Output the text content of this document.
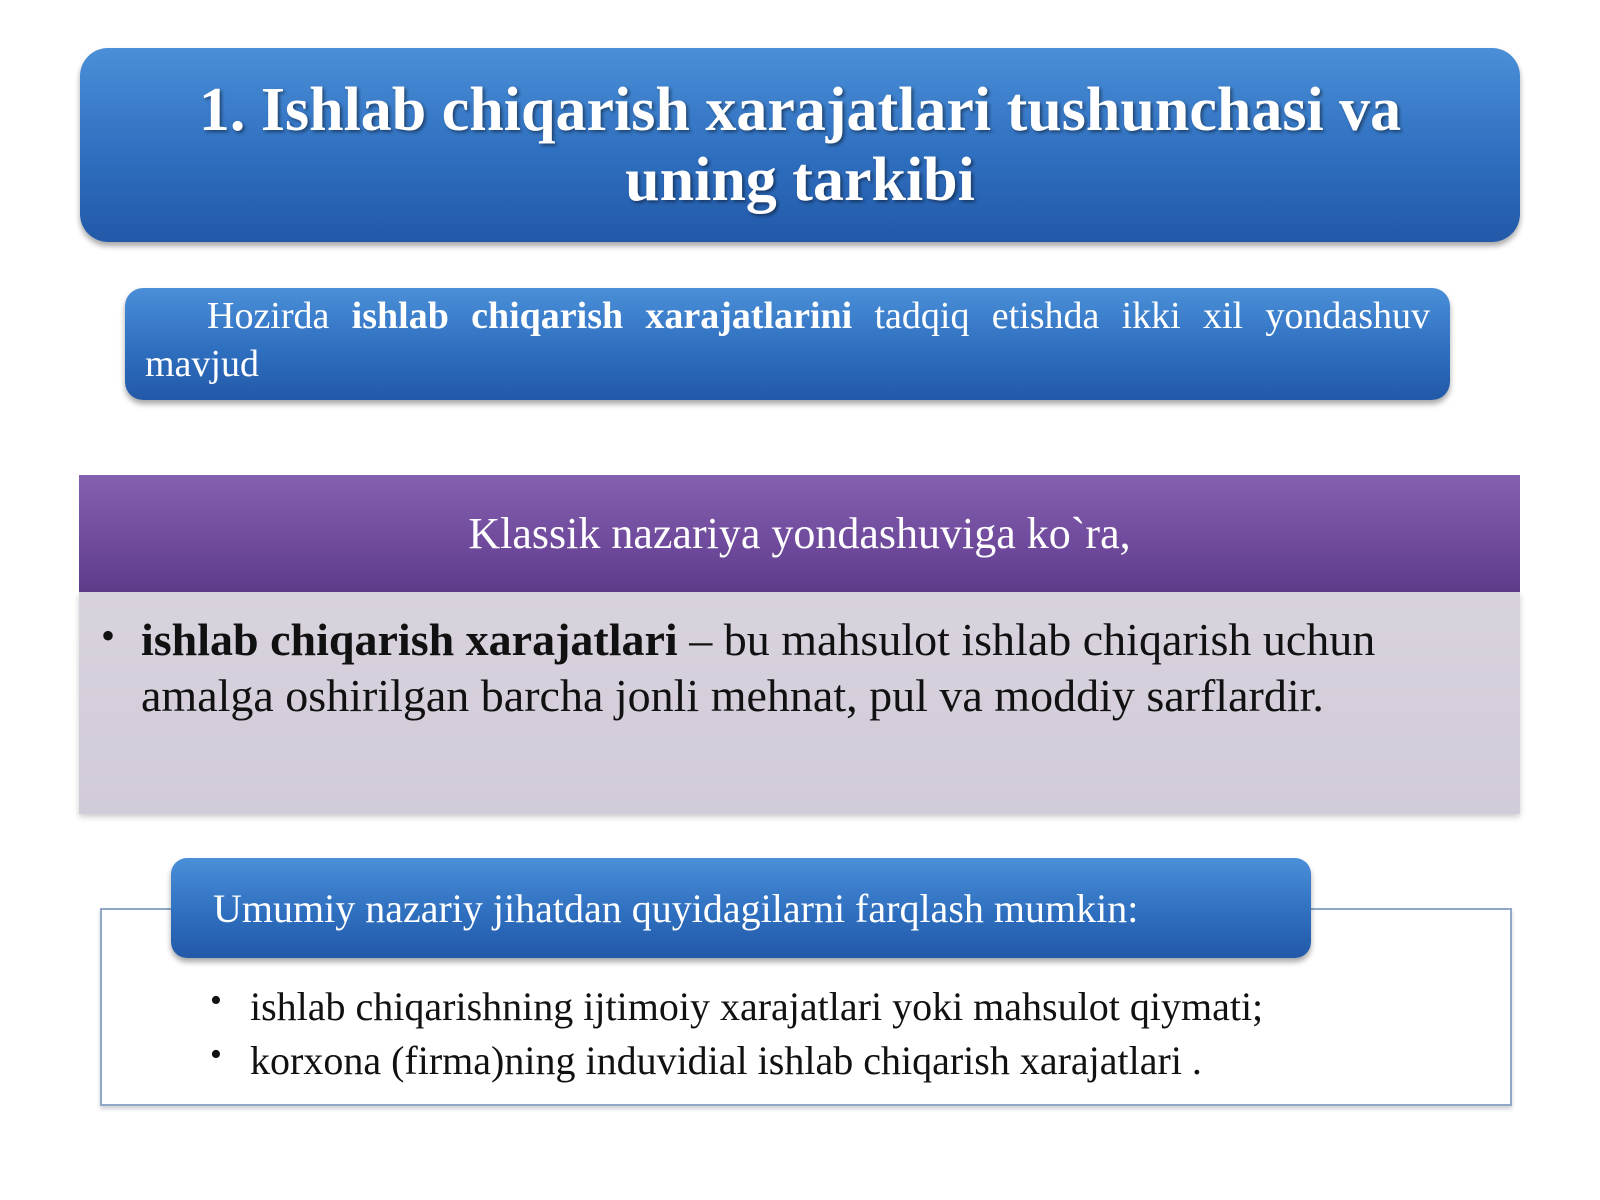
1. Ishlab chiqarish xarajatlari tushunchasi va uning tarkibi
Hozirda ishlab chiqarish xarajatlarini tadqiq etishda ikki xil yondashuv mavjud
Klassik nazariya yondashuviga ko`ra,
• ishlab chiqarish xarajatlari – bu mahsulot ishlab chiqarish uchun amalga oshirilgan barcha jonli mehnat, pul va moddiy sarflardir.
Umumiy nazariy jihatdan quyidagilarni farqlash mumkin:
• ishlab chiqarishning ijtimoiy xarajatlari yoki mahsulot qiymati;
• korxona (firma)ning induvidial ishlab chiqarish xarajatlari .
